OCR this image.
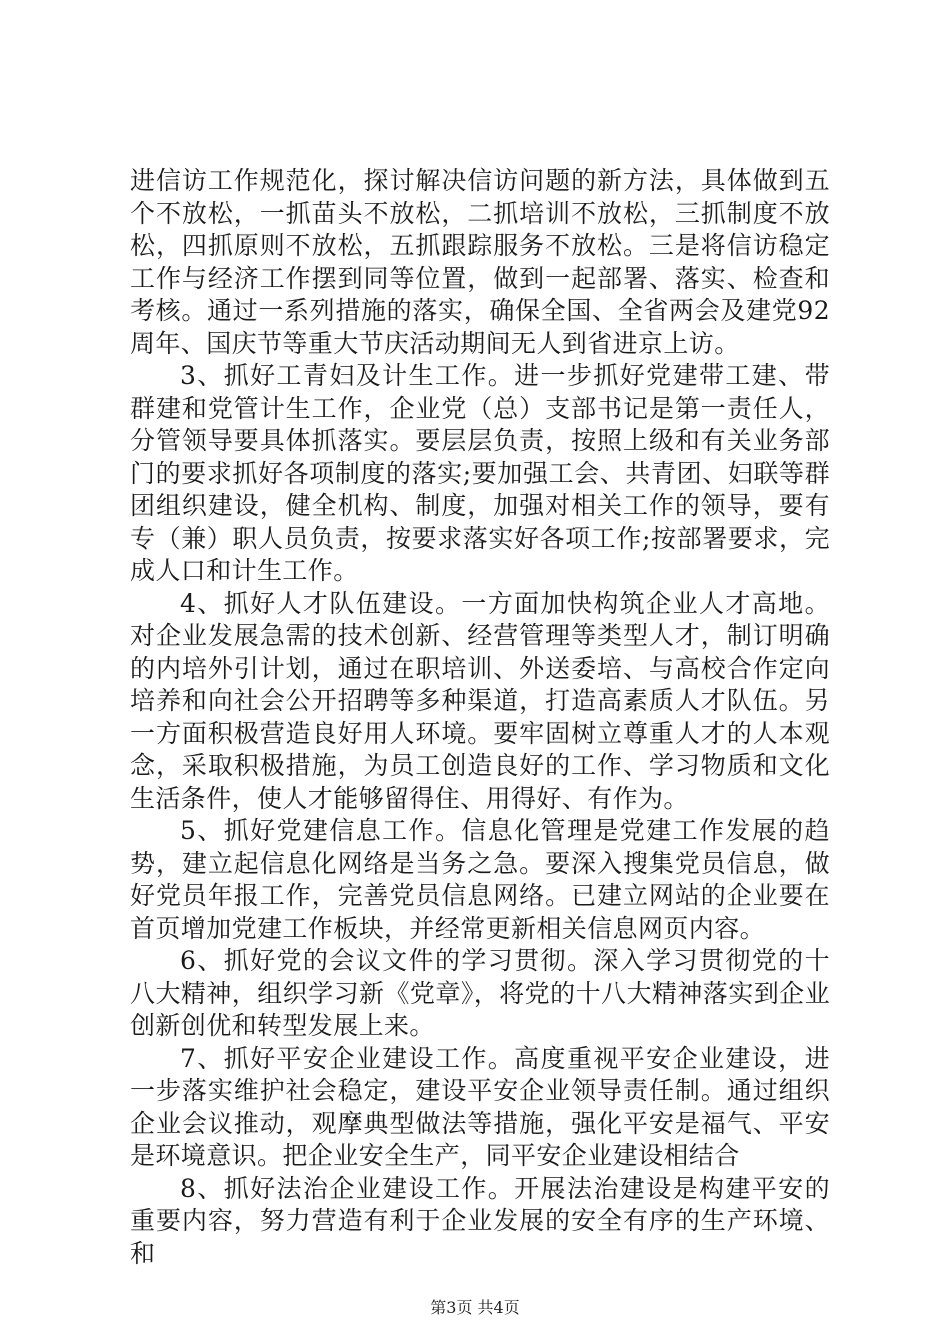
进信访工作规范化，探讨解决信访问题的新方法，具体做到五个不放松，一抓苗头不放松，二抓培训不放松，三抓制度不放松，四抓原则不放松，五抓跟踪服务不放松。三是将信访稳定工作与经济工作摆到同等位置，做到一起部署、落实、检查和考核。通过一系列措施的落实，确保全国、全省两会及建党92周年、国庆节等重大节庆活动期间无人到省进京上访。

3、抓好工青妇及计生工作。进一步抓好党建带工建、带群建和党管计生工作，企业党（总）支部书记是第一责任人，分管领导要具体抓落实。要层层负责，按照上级和有关业务部门的要求抓好各项制度的落实;要加强工会、共青团、妇联等群团组织建设，健全机构、制度，加强对相关工作的领导，要有专（兼）职人员负责，按要求落实好各项工作;按部署要求，完成人口和计生工作。

4、抓好人才队伍建设。一方面加快构筑企业人才高地。对企业发展急需的技术创新、经营管理等类型人才，制订明确的内培外引计划，通过在职培训、外送委培、与高校合作定向培养和向社会公开招聘等多种渠道，打造高素质人才队伍。另一方面积极营造良好用人环境。要牢固树立尊重人才的人本观念，采取积极措施，为员工创造良好的工作、学习物质和文化生活条件，使人才能够留得住、用得好、有作为。

5、抓好党建信息工作。信息化管理是党建工作发展的趋势，建立起信息化网络是当务之急。要深入搜集党员信息，做好党员年报工作，完善党员信息网络。已建立网站的企业要在首页增加党建工作板块，并经常更新相关信息网页内容。

6、抓好党的会议文件的学习贯彻。深入学习贯彻党的十八大精神，组织学习新《党章》，将党的十八大精神落实到企业创新创优和转型发展上来。

7、抓好平安企业建设工作。高度重视平安企业建设，进一步落实维护社会稳定，建设平安企业领导责任制。通过组织企业会议推动，观摩典型做法等措施，强化平安是福气、平安是环境意识。把企业安全生产，同平安企业建设相结合

8、抓好法治企业建设工作。开展法治建设是构建平安的重要内容，努力营造有利于企业发展的安全有序的生产环境、和

第3页 共4页
